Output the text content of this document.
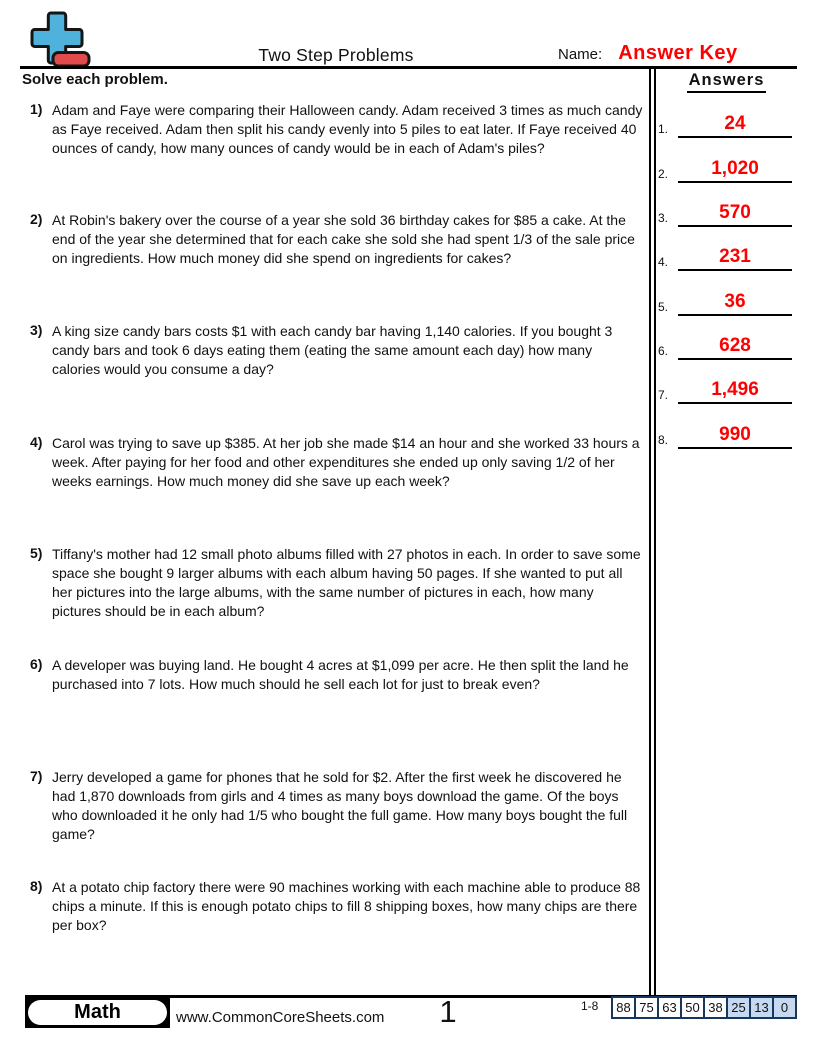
Two Step Problems	Name: Answer Key
Solve each problem.
1) Adam and Faye were comparing their Halloween candy. Adam received 3 times as much candy as Faye received. Adam then split his candy evenly into 5 piles to eat later. If Faye received 40 ounces of candy, how many ounces of candy would be in each of Adam's piles?

2) At Robin's bakery over the course of a year she sold 36 birthday cakes for $85 a cake. At the end of the year she determined that for each cake she sold she had spent 1/3 of the sale price on ingredients. How much money did she spend on ingredients for cakes?

3) A king size candy bars costs $1 with each candy bar having 1,140 calories. If you bought 3 candy bars and took 6 days eating them (eating the same amount each day) how many calories would you consume a day?

4) Carol was trying to save up $385. At her job she made $14 an hour and she worked 33 hours a week. After paying for her food and other expenditures she ended up only saving 1/2 of her weeks earnings. How much money did she save up each week?

5) Tiffany's mother had 12 small photo albums filled with 27 photos in each. In order to save some space she bought 9 larger albums with each album having 50 pages. If she wanted to put all her pictures into the large albums, with the same number of pictures in each, how many pictures should be in each album?

6) A developer was buying land. He bought 4 acres at $1,099 per acre. He then split the land he purchased into 7 lots. How much should he sell each lot for just to break even?

7) Jerry developed a game for phones that he sold for $2. After the first week he discovered he had 1,870 downloads from girls and 4 times as many boys download the game. Of the boys who downloaded it he only had 1/5 who bought the full game. How many boys bought the full game?

8) At a potato chip factory there were 90 machines working with each machine able to produce 88 chips a minute. If this is enough potato chips to fill 8 shipping boxes, how many chips are there per box?

Answers
1.	24
2.	1,020
3.	570
4.	231
5.	36
6.	628
7.	1,496
8.	990
Math	www.CommonCoreSheets.com	1	1-8	88 75 63 50 38 25 13 0
